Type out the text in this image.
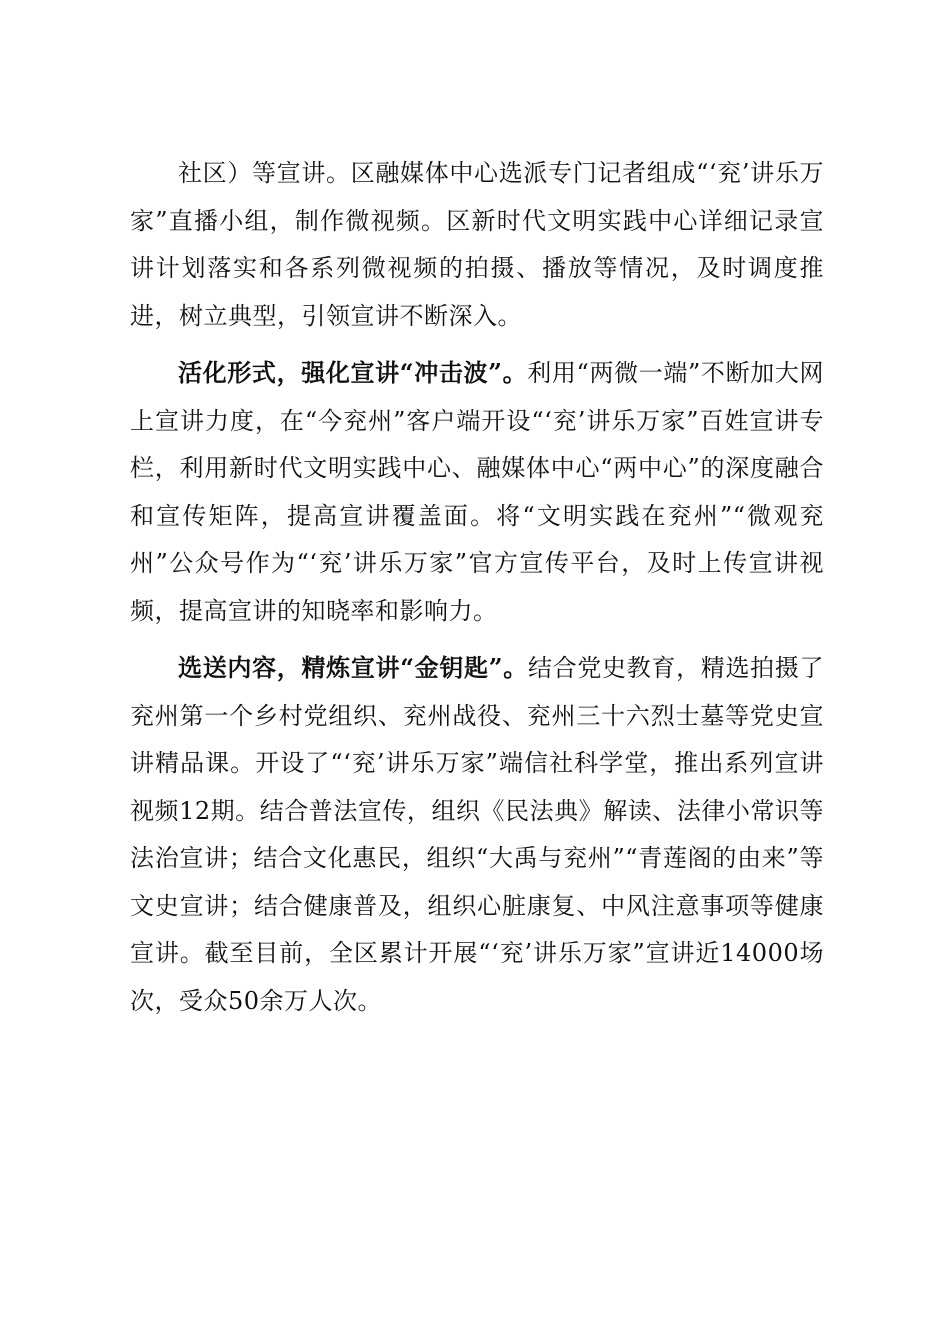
社区）等宣讲。区融媒体中心选派专门记者组成“‘兖’讲乐万家”直播小组，制作微视频。区新时代文明实践中心详细记录宣讲计划落实和各系列微视频的拍摄、播放等情况，及时调度推进，树立典型，引领宣讲不断深入。

活化形式，强化宣讲“冲击波”。利用“两微一端”不断加大网上宣讲力度，在“今兖州”客户端开设“‘兖’讲乐万家”百姓宣讲专栏，利用新时代文明实践中心、融媒体中心“两中心”的深度融合和宣传矩阵，提高宣讲覆盖面。将“文明实践在兖州”“微观兖州”公众号作为“‘兖’讲乐万家”官方宣传平台，及时上传宣讲视频，提高宣讲的知晓率和影响力。

选送内容，精炼宣讲“金钥匙”。结合党史教育，精选拍摄了兖州第一个乡村党组织、兖州战役、兖州三十六烈士墓等党史宣讲精品课。开设了“‘兖’讲乐万家”端信社科学堂，推出系列宣讲视频12期。结合普法宣传，组织《民法典》解读、法律小常识等法治宣讲；结合文化惠民，组织“大禹与兖州”“青莲阁的由来”等文史宣讲；结合健康普及，组织心脏康复、中风注意事项等健康宣讲。截至目前，全区累计开展“‘兖’讲乐万家”宣讲近14000场次，受众50余万人次。
